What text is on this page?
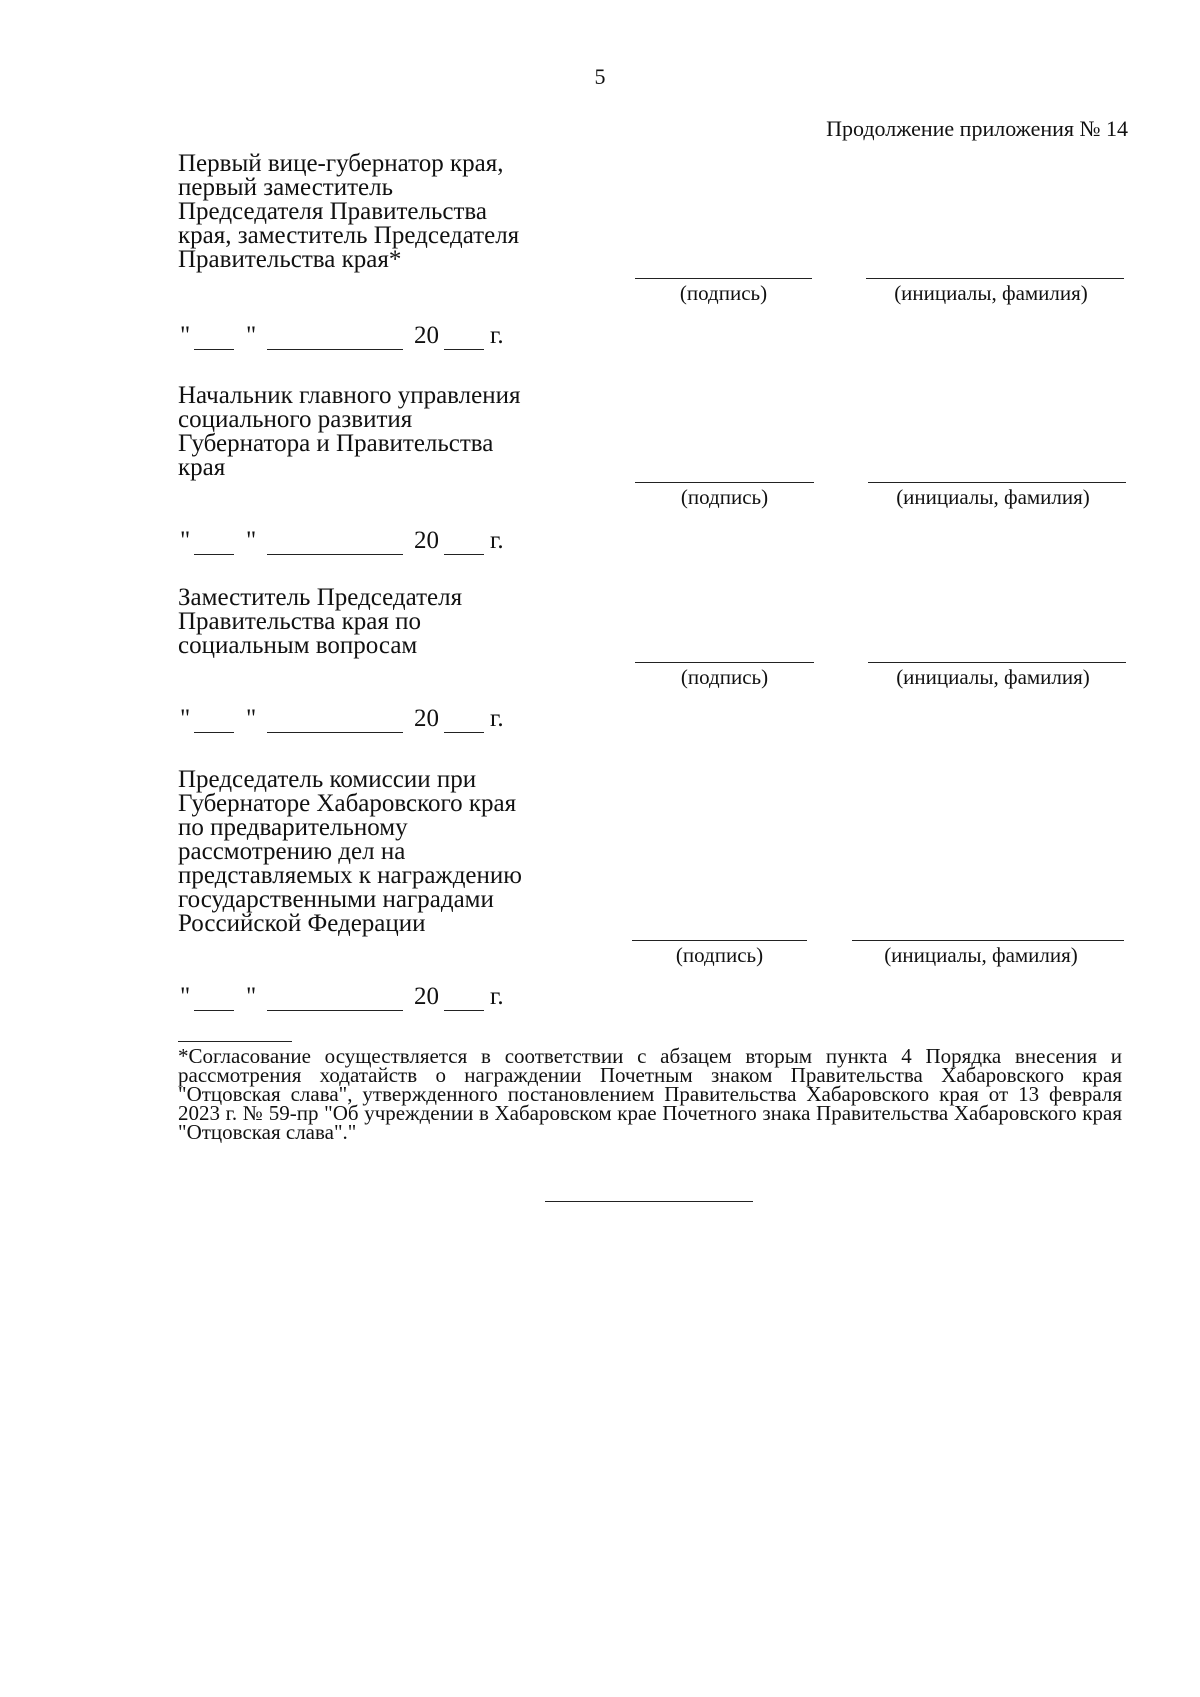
5
Продолжение приложения № 14
Первый вице-губернатор края,
первый заместитель
Председателя Правительства
края, заместитель Председателя
Правительства края*
(подпись)	(инициалы, фамилия)
" "	20 г.
Начальник главного управления
социального развития
Губернатора и Правительства
края
(подпись)	(инициалы, фамилия)
" "	20 г.
Заместитель Председателя
Правительства края по
социальным вопросам
(подпись)	(инициалы, фамилия)
" "	20 г.
Председатель комиссии при
Губернаторе Хабаровского края
по предварительному
рассмотрению дел на
представляемых к награждению
государственными наградами
Российской Федерации
(подпись)	(инициалы, фамилия)
" "	20 г.
*Согласование осуществляется в соответствии с абзацем вторым пункта 4 Порядка внесения и рассмотрения ходатайств о награждении Почетным знаком Правительства Хабаровского края "Отцовская слава", утвержденного постановлением Правительства Хабаровского края от 13 февраля 2023 г. № 59-пр "Об учреждении в Хабаровском крае Почетного знака Правительства Хабаровского края "Отцовская слава"."
